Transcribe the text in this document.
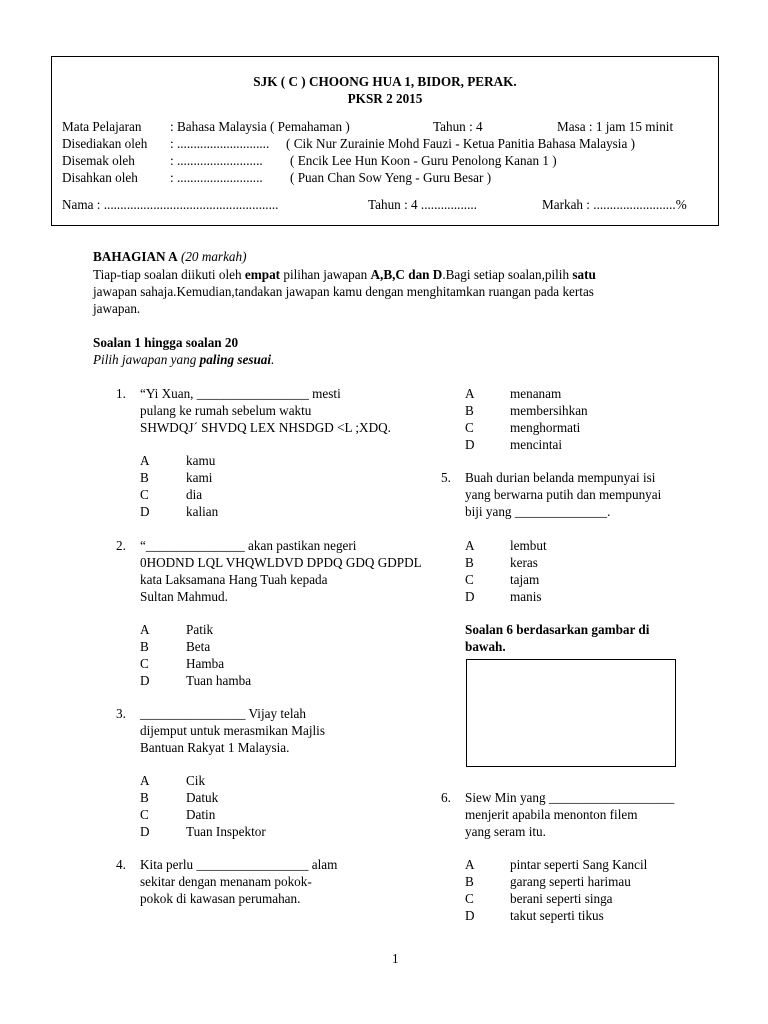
SJK ( C ) CHOONG HUA 1, BIDOR, PERAK.
PKSR 2 2015
Mata Pelajaran : Bahasa Malaysia ( Pemahaman )	Tahun : 4	Masa : 1 jam 15 minit
Disediakan oleh : ............................ ( Cik Nur Zurainie Mohd Fauzi - Ketua Panitia Bahasa Malaysia )
Disemak oleh	: .......................... ( Encik Lee Hun Koon - Guru Penolong Kanan 1 )
Disahkan oleh : .......................... ( Puan Chan Sow Yeng - Guru Besar )
Nama : .....................................................	Tahun : 4 .................	Markah : .........................%
BAHAGIAN A (20 markah)
Tiap-tiap soalan diikuti oleh empat pilihan jawapan A,B,C dan D.Bagi setiap soalan,pilih satu
jawapan sahaja.Kemudian,tandakan jawapan kamu dengan menghitamkan ruangan pada kertas
jawapan.
Soalan 1 hingga soalan 20
Pilih jawapan yang paling sesuai.
1. “Yi Xuan, _________________ mesti
pulang ke rumah sebelum waktu
SHWDQJ´ SHVDQ LEX NHSDGD <L ;XDQ.
A	kamu
B	kami
C	dia
D	kalian
2. “_______________ akan pastikan negeri
0HODND LQL VHQWLDVD DPDQ GDQ GDPDL
kata Laksamana Hang Tuah kepada
Sultan Mahmud.
A	Patik
B	Beta
C	Hamba
D	Tuan hamba
3. ________________ Vijay telah
dijemput untuk merasmikan Majlis
Bantuan Rakyat 1 Malaysia.
A	Cik
B	Datuk
C	Datin
D	Tuan Inspektor
4. Kita perlu _________________ alam
sekitar dengan menanam pokok-
pokok di kawasan perumahan.
A	menanam
B	membersihkan
C	menghormati
D	mencintai
5. Buah durian belanda mempunyai isi
yang berwarna putih dan mempunyai
biji yang ______________.
A	lembut
B	keras
C	tajam
D	manis
Soalan 6 berdasarkan gambar di
bawah.
6. Siew Min yang ___________________
menjerit apabila menonton filem
yang seram itu.
A	pintar seperti Sang Kancil
B	garang seperti harimau
C	berani seperti singa
D	takut seperti tikus
1
